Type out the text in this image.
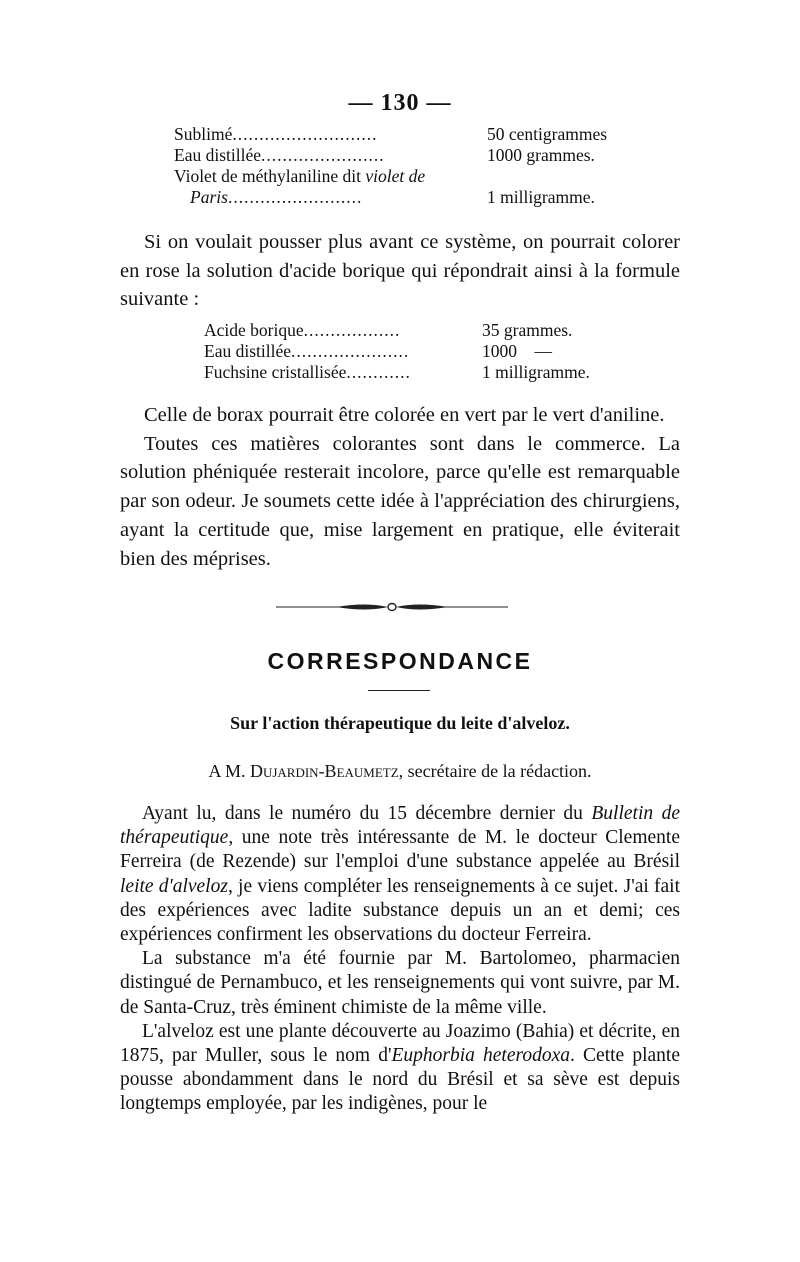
— 130 —
Sublimé...........................	50 centigrammes
Eau distillée.......................	1000 grammes.
Violet de méthylaniline dit violet de
Paris.........................	1 milligramme.

Si on voulait pousser plus avant ce système, on pourrait colorer en rose la solution d'acide borique qui répondrait ainsi à la formule suivante :

Acide borique..................	35 grammes.
Eau distillée......................	1000    —
Fuchsine cristallisée............	1 milligramme.

Celle de borax pourrait être colorée en vert par le vert d'aniline.

Toutes ces matières colorantes sont dans le commerce. La solution phéniquée resterait incolore, parce qu'elle est remarquable par son odeur. Je soumets cette idée à l'appréciation des chirurgiens, ayant la certitude que, mise largement en pratique, elle éviterait bien des méprises.

CORRESPONDANCE
Sur l'action thérapeutique du leite d'alveloz.
A M. Dujardin-Beaumetz, secrétaire de la rédaction.

Ayant lu, dans le numéro du 15 décembre dernier du Bulletin de thérapeutique, une note très intéressante de M. le docteur Clemente Ferreira (de Rezende) sur l'emploi d'une substance appelée au Brésil leite d'alveloz, je viens compléter les renseignements à ce sujet. J'ai fait des expériences avec ladite substance depuis un an et demi; ces expériences confirment les observations du docteur Ferreira.

La substance m'a été fournie par M. Bartolomeo, pharmacien distingué de Pernambuco, et les renseignements qui vont suivre, par M. de Santa-Cruz, très éminent chimiste de la même ville.

L'alveloz est une plante découverte au Joazimo (Bahia) et décrite, en 1875, par Muller, sous le nom d'Euphorbia heterodoxa. Cette plante pousse abondamment dans le nord du Brésil et sa sève est depuis longtemps employée, par les indigènes, pour le
